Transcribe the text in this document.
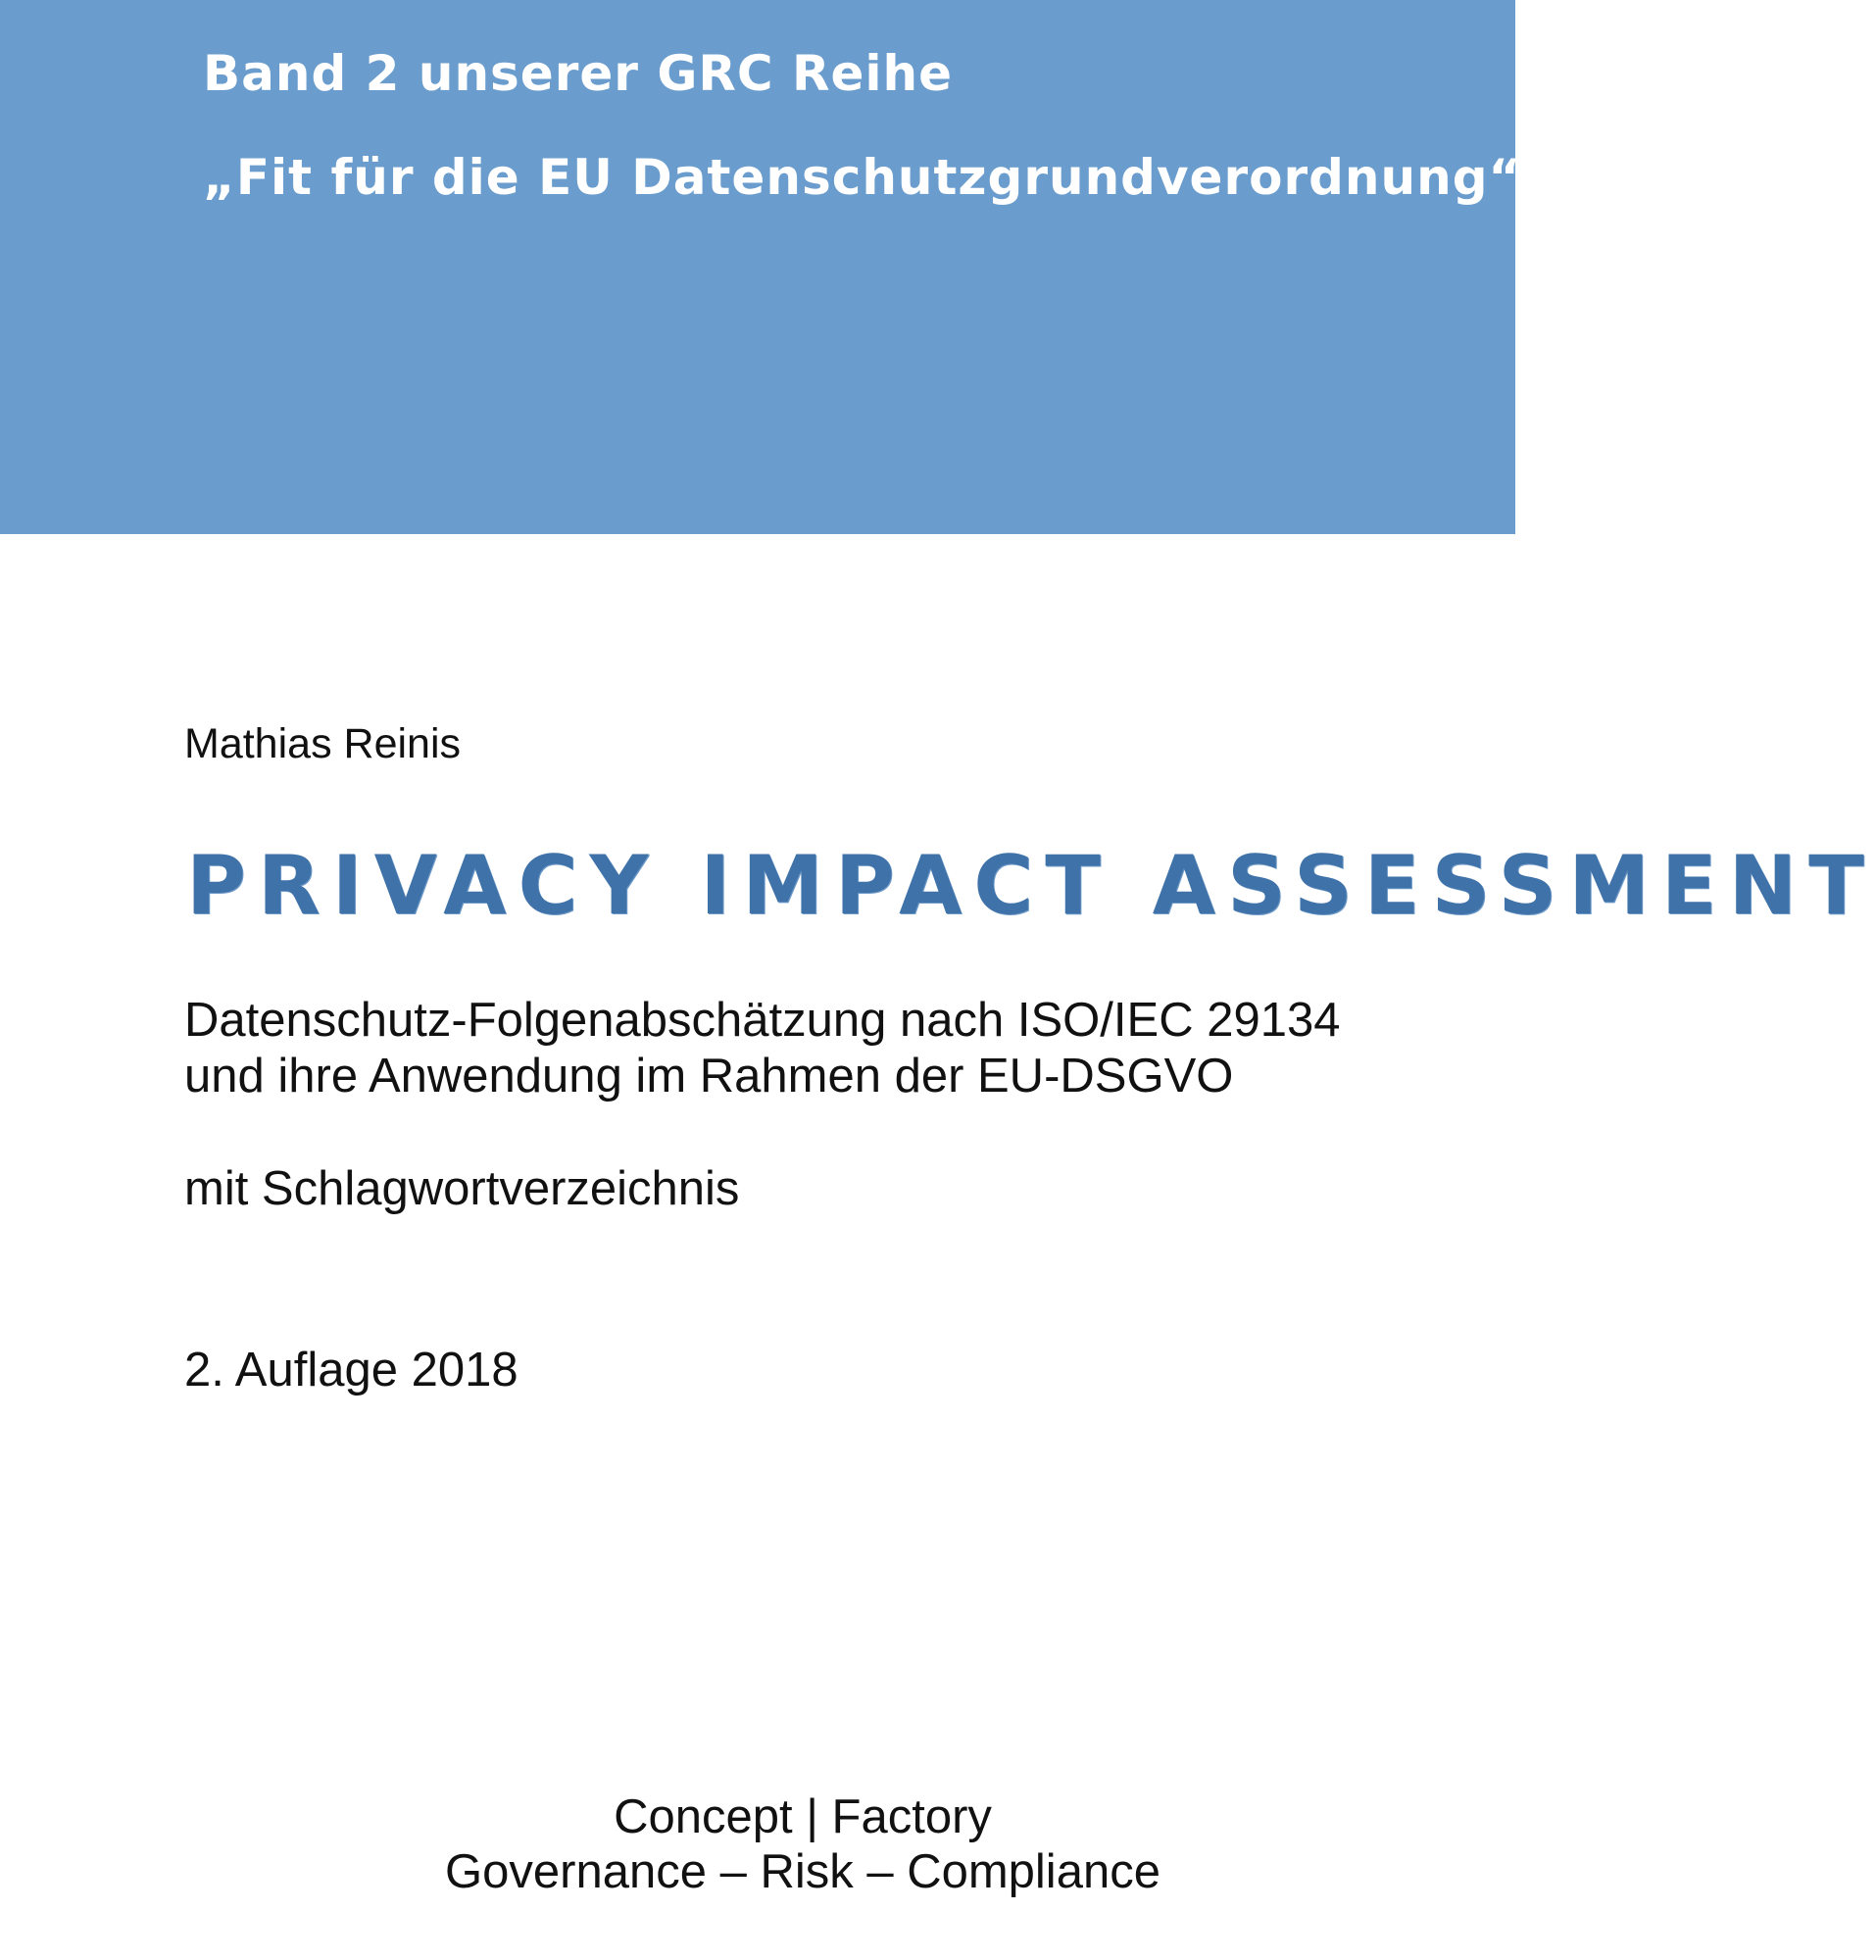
Band 2 unserer GRC Reihe
„Fit für die EU Datenschutzgrundverordnung“
Mathias Reinis
PRIVACY IMPACT ASSESSMENT
Datenschutz-Folgenabschätzung nach ISO/IEC 29134
und ihre Anwendung im Rahmen der EU-DSGVO
mit Schlagwortverzeichnis
2. Auflage 2018
Concept | Factory
Governance – Risk – Compliance
